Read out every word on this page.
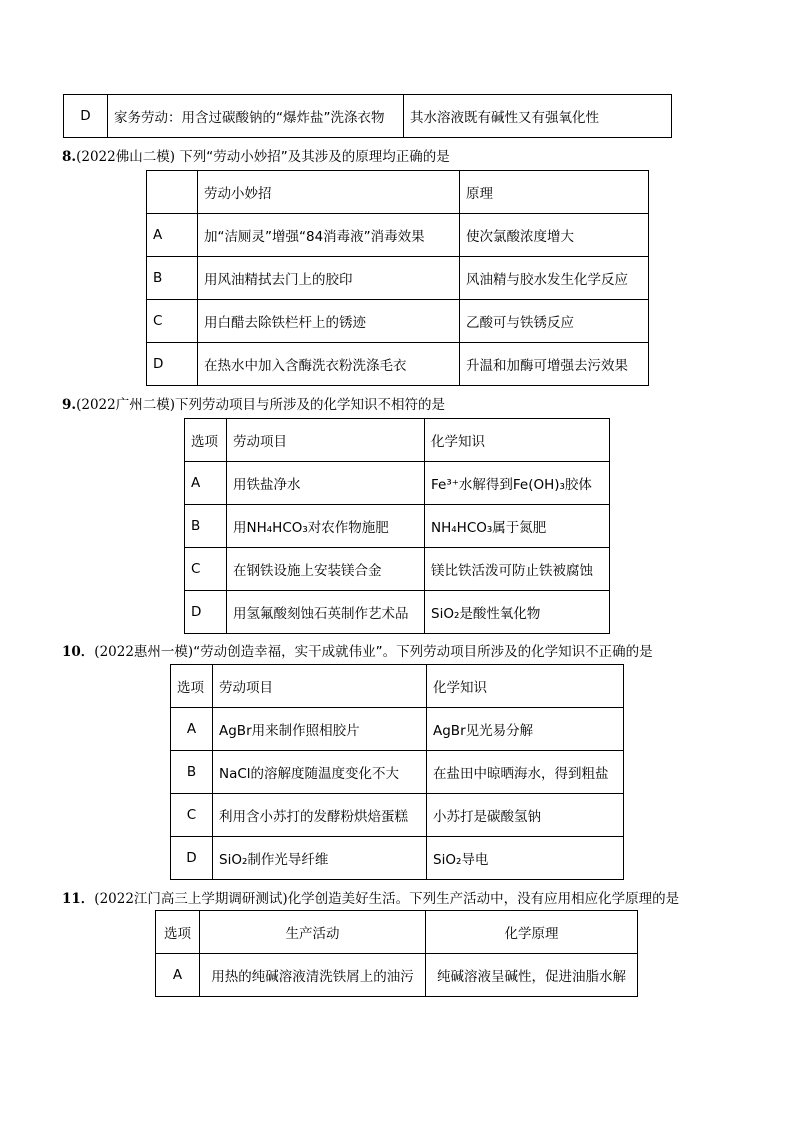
D	家务劳动：用含过碳酸钠的“爆炸盐”洗涤衣物	其水溶液既有碱性又有强氧化性
8.(2022佛山二模) 下列“劳动小妙招”及其涉及的原理均正确的是
	劳动小妙招	原理
A	加“洁厕灵”增强“84消毒液”消毒效果	使次氯酸浓度增大
B	用风油精拭去门上的胶印	风油精与胶水发生化学反应
C	用白醋去除铁栏杆上的锈迹	乙酸可与铁锈反应
D	在热水中加入含酶洗衣粉洗涤毛衣	升温和加酶可增强去污效果
9.(2022广州二模)下列劳动项目与所涉及的化学知识不相符的是
选项	劳动项目	化学知识
A	用铁盐净水	Fe³⁺水解得到Fe(OH)₃胶体
B	用NH₄HCO₃对农作物施肥	NH₄HCO₃属于氮肥
C	在钢铁设施上安装镁合金	镁比铁活泼可防止铁被腐蚀
D	用氢氟酸刻蚀石英制作艺术品	SiO₂是酸性氧化物
10．(2022惠州一模)“劳动创造幸福，实干成就伟业”。下列劳动项目所涉及的化学知识不正确的是
选项	劳动项目	化学知识
A	AgBr用来制作照相胶片	AgBr见光易分解
B	NaCl的溶解度随温度变化不大	在盐田中晾晒海水，得到粗盐
C	利用含小苏打的发酵粉烘焙蛋糕	小苏打是碳酸氢钠
D	SiO₂制作光导纤维	SiO₂导电
11．(2022江门高三上学期调研测试)化学创造美好生活。下列生产活动中，没有应用相应化学原理的是
选项	生产活动	化学原理
A	用热的纯碱溶液清洗铁屑上的油污	纯碱溶液呈碱性，促进油脂水解
